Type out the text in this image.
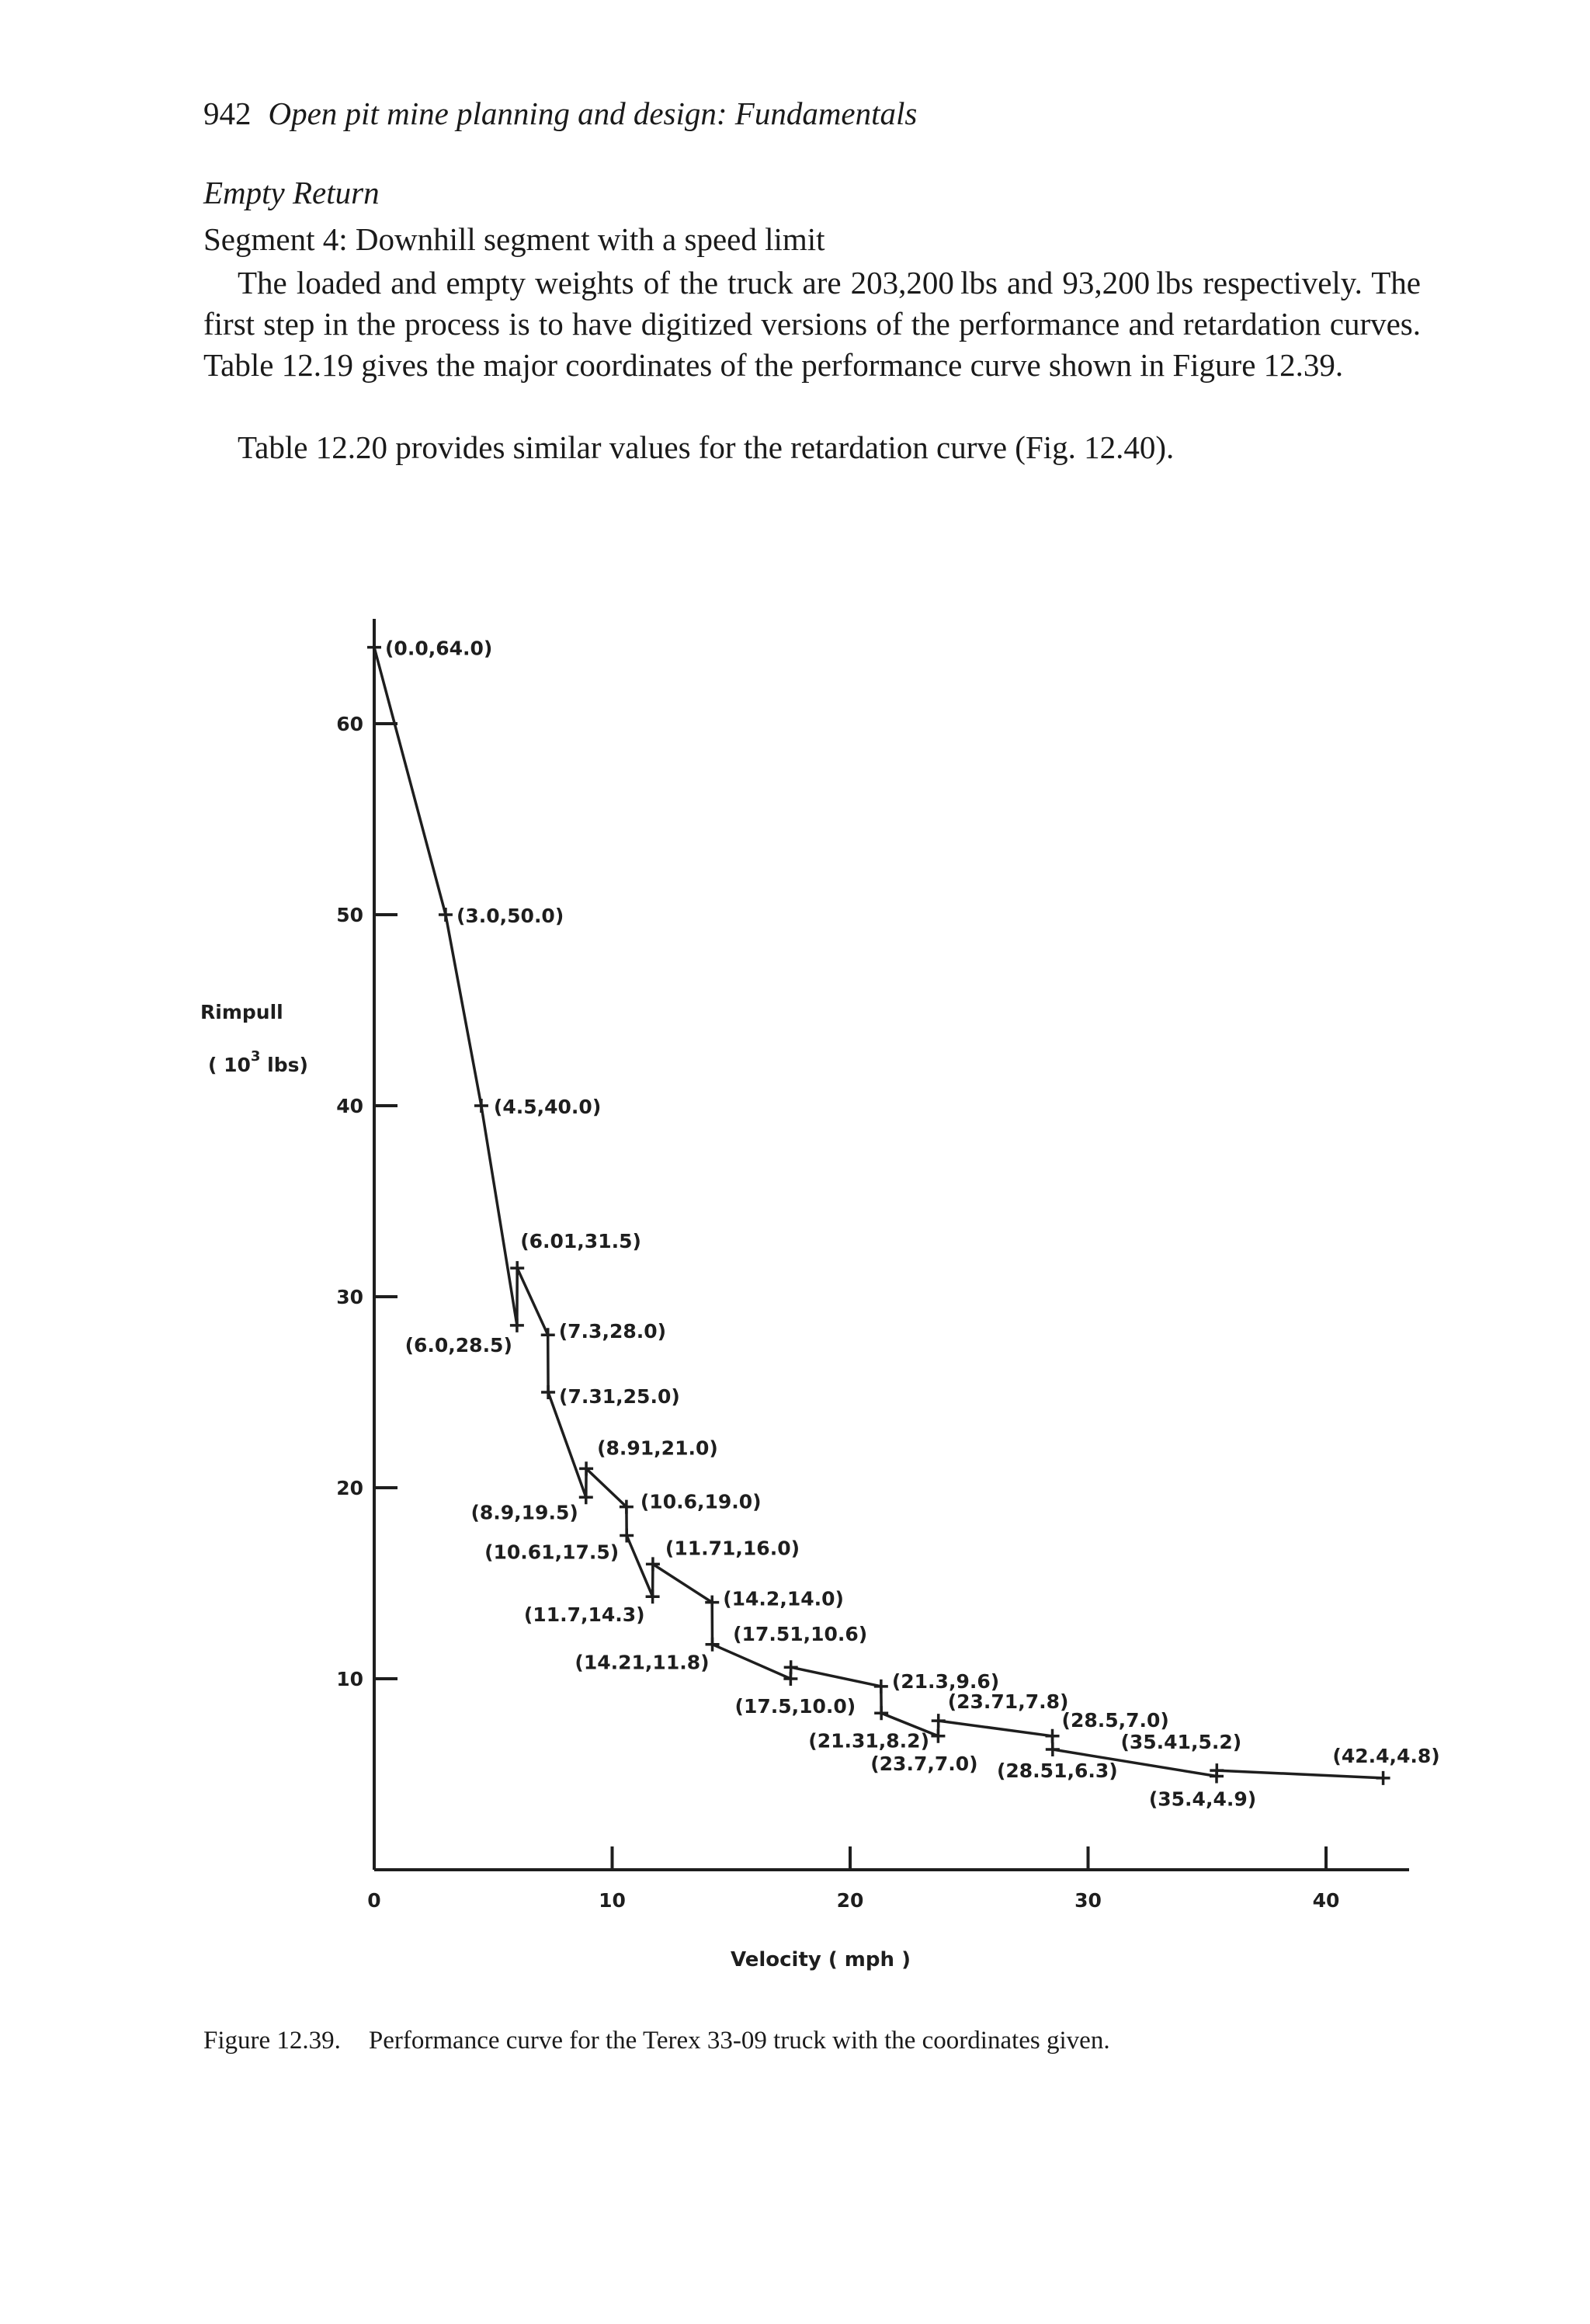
942 Open pit mine planning and design: Fundamentals
Empty Return
Segment 4: Downhill segment with a speed limit

The loaded and empty weights of the truck are 203,200 lbs and 93,200 lbs respectively. The first step in the process is to have digitized versions of the performance and retardation curves. Table 12.19 gives the major coordinates of the performance curve shown in Figure 12.39.

Table 12.20 provides similar values for the retardation curve (Fig. 12.40).

0	10	20	30	40
10
20
30
40
50
60
(0.0,64.0)
(3.0,50.0)
(4.5,40.0)
(6.0,28.5)
(6.01,31.5)
(7.3,28.0)
(7.31,25.0)
(8.9,19.5)
(8.91,21.0)
(10.6,19.0)
(10.61,17.5)
(11.7,14.3)
(11.71,16.0)
(14.2,14.0)
(14.21,11.8)
(17.5,10.0)
(17.51,10.6)
(21.3,9.6)
(21.31,8.2)
(23.7,7.0)
(23.71,7.8)
(28.5,7.0)
(28.51,6.3)
(35.4,4.9)
(35.41,5.2)
(42.4,4.8)
Rimpull
( $10^3$ lbs)
Velocity ( mph )
Figure 12.39. Performance curve for the Terex 33-09 truck with the coordinates given.
